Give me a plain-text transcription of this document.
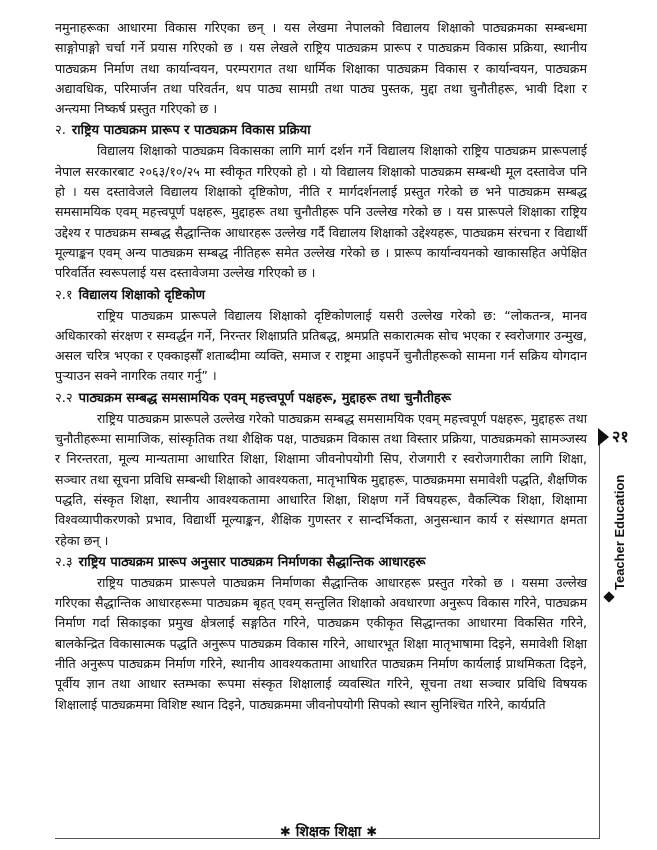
नमुनाहरूका आधारमा विकास गरिएका छन् । यस लेखमा नेपालको विद्यालय शिक्षाको पाठ्यक्रमका सम्बन्धमा साङ्गोपाङ्गो चर्चा गर्ने प्रयास गरिएको छ । यस लेखले राष्ट्रिय पाठ्यक्रम प्रारूप र पाठ्यक्रम विकास प्रक्रिया, स्थानीय पाठ्यक्रम निर्माण तथा कार्यान्वयन, परम्परागत तथा धार्मिक शिक्षाका पाठ्यक्रम विकास र कार्यान्वयन, पाठ्यक्रम अद्यावधिक, परिमार्जन तथा परिवर्तन, थप पाठ्य सामग्री तथा पाठ्य पुस्तक, मुद्दा तथा चुनौतीहरू, भावी दिशा र अन्त्यमा निष्कर्ष प्रस्तुत गरिएको छ ।

२. राष्ट्रिय पाठ्यक्रम प्रारूप र पाठ्यक्रम विकास प्रक्रिया

विद्यालय शिक्षाको पाठ्यक्रम विकासका लागि मार्ग दर्शन गर्ने विद्यालय शिक्षाको राष्ट्रिय पाठ्यक्रम प्रारूपलाई नेपाल सरकारबाट २०६३/१०/२५ मा स्वीकृत गरिएको हो । यो विद्यालय शिक्षाको पाठ्यक्रम सम्बन्धी मूल दस्तावेज पनि हो । यस दस्तावेजले विद्यालय शिक्षाको दृष्टिकोण, नीति र मार्गदर्शनलाई प्रस्तुत गरेको छ भने पाठ्यक्रम सम्बद्ध समसामयिक एवम् महत्त्वपूर्ण पक्षहरू, मुद्दाहरू तथा चुनौतीहरू पनि उल्लेख गरेको छ । यस प्रारूपले शिक्षाका राष्ट्रिय उद्देश्य र पाठ्यक्रम सम्बद्ध सैद्धान्तिक आधारहरू उल्लेख गर्दै विद्यालय शिक्षाको उद्देश्यहरू, पाठ्यक्रम संरचना र विद्यार्थी मूल्याङ्कन एवम् अन्य पाठ्यक्रम सम्बद्ध नीतिहरू समेत उल्लेख गरेको छ । प्रारूप कार्यान्वयनको खाकासहित अपेक्षित परिवर्तित स्वरूपलाई यस दस्तावेजमा उल्लेख गरिएको छ ।

२.१ विद्यालय शिक्षाको दृष्टिकोण

राष्ट्रिय पाठ्यक्रम प्रारूपले विद्यालय शिक्षाको दृष्टिकोणलाई यसरी उल्लेख गरेको छ: “लोकतन्त्र, मानव अधिकारको संरक्षण र सम्वर्द्धन गर्ने, निरन्तर शिक्षाप्रति प्रतिबद्ध, श्रमप्रति सकारात्मक सोच भएका र स्वरोजगार उन्मुख, असल चरित्र भएका र एक्काइसौँ शताब्दीमा व्यक्ति, समाज र राष्ट्रमा आइपर्ने चुनौतीहरूको सामना गर्न सक्रिय योगदान पुऱ्याउन सक्ने नागरिक तयार गर्नु” ।

२.२ पाठ्यक्रम सम्बद्ध समसामयिक एवम् महत्त्वपूर्ण पक्षहरू, मुद्दाहरू तथा चुनौतीहरू

राष्ट्रिय पाठ्यक्रम प्रारूपले उल्लेख गरेको पाठ्यक्रम सम्बद्ध समसामयिक एवम् महत्त्वपूर्ण पक्षहरू, मुद्दाहरू तथा चुनौतीहरूमा सामाजिक, सांस्कृतिक तथा शैक्षिक पक्ष, पाठ्यक्रम विकास तथा विस्तार प्रक्रिया, पाठ्यक्रमको सामञ्जस्य र निरन्तरता, मूल्य मान्यतामा आधारित शिक्षा, शिक्षामा जीवनोपयोगी सिप, रोजगारी र स्वरोजगारीका लागि शिक्षा, सञ्चार तथा सूचना प्रविधि सम्बन्धी शिक्षाको आवश्यकता, मातृभाषिक मुद्दाहरू, पाठ्यक्रममा समावेशी पद्धति, शैक्षणिक पद्धति, संस्कृत शिक्षा, स्थानीय आवश्यकतामा आधारित शिक्षा, शिक्षण गर्ने विषयहरू, वैकल्पिक शिक्षा, शिक्षामा विश्वव्यापीकरणको प्रभाव, विद्यार्थी मूल्याङ्कन, शैक्षिक गुणस्तर र सान्दर्भिकता, अनुसन्धान कार्य र संस्थागत क्षमता रहेका छन् ।

२.३ राष्ट्रिय पाठ्यक्रम प्रारूप अनुसार पाठ्यक्रम निर्माणका सैद्धान्तिक आधारहरू

राष्ट्रिय पाठ्यक्रम प्रारूपले पाठ्यक्रम निर्माणका सैद्धान्तिक आधारहरू प्रस्तुत गरेको छ । यसमा उल्लेख गरिएका सैद्धान्तिक आधारहरूमा पाठ्यक्रम बृहत् एवम् सन्तुलित शिक्षाको अवधारणा अनुरूप विकास गरिने, पाठ्यक्रम निर्माण गर्दा सिकाइका प्रमुख क्षेत्रलाई सङ्गठित गरिने, पाठ्यक्रम एकीकृत सिद्धान्तका आधारमा विकसित गरिने, बालकेन्द्रित विकासात्मक पद्धति अनुरूप पाठ्यक्रम विकास गरिने, आधारभूत शिक्षा मातृभाषामा दिइने, समावेशी शिक्षा नीति अनुरूप पाठ्यक्रम निर्माण गरिने, स्थानीय आवश्यकतामा आधारित पाठ्यक्रम निर्माण कार्यलाई प्राथमिकता दिइने, पूर्वीय ज्ञान तथा आधार स्तम्भका रूपमा संस्कृत शिक्षालाई व्यवस्थित गरिने, सूचना तथा सञ्चार प्रविधि विषयक शिक्षालाई पाठ्यक्रममा विशिष्ट स्थान दिइने, पाठ्यक्रममा जीवनोपयोगी सिपको स्थान सुनिश्चित गरिने, कार्यप्रति

२१
Teacher Education
✱ शिक्षक शिक्षा ✱
